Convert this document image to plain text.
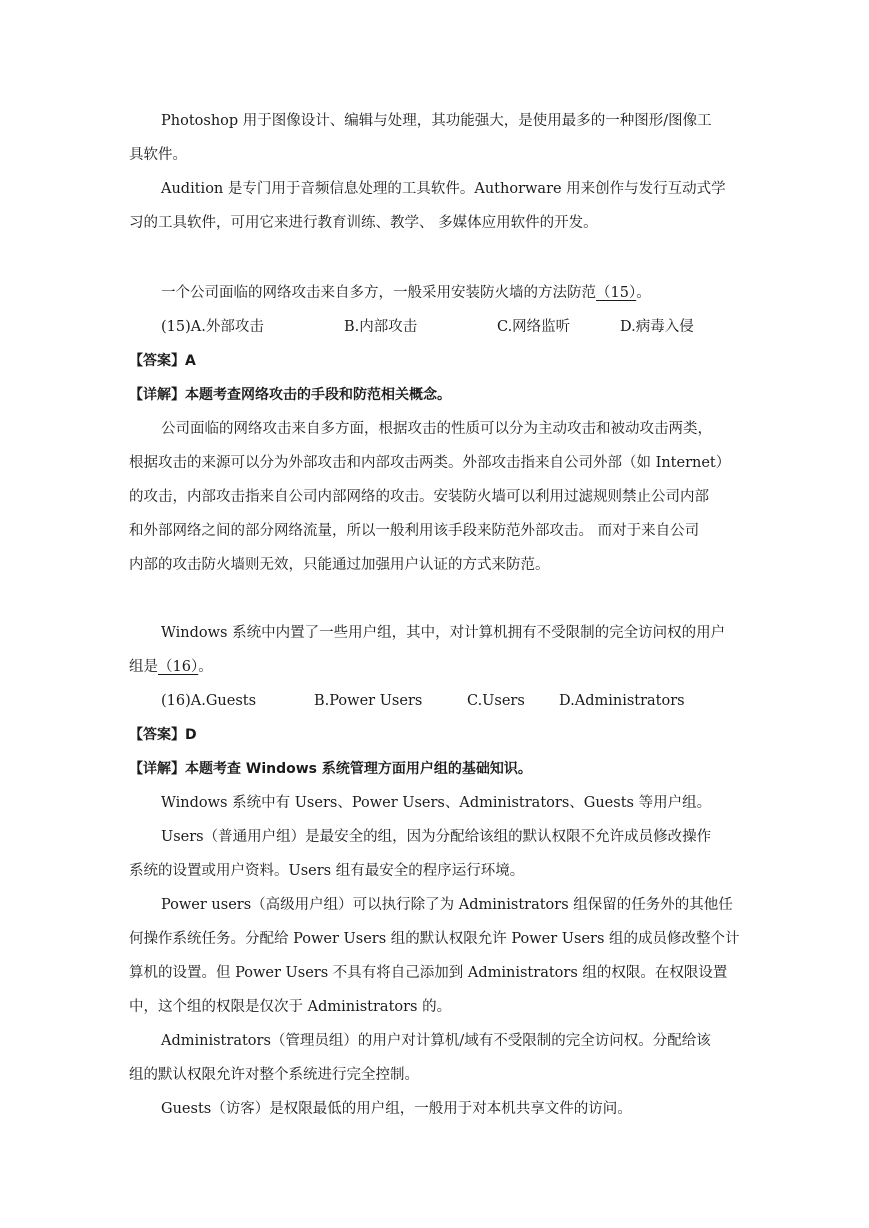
Photoshop 用于图像设计、编辑与处理，其功能强大，是使用最多的一种图形/图像工
具软件。
Audition 是专门用于音频信息处理的工具软件。Authorware 用来创作与发行互动式学
习的工具软件，可用它来进行教育训练、教学、 多媒体应用软件的开发。
一个公司面临的网络攻击来自多方，一般采用安装防火墙的方法防范（15）。
(15)A.外部攻击	B.内部攻击	C.网络监听	D.病毒入侵
【答案】A
【详解】本题考查网络攻击的手段和防范相关概念。
公司面临的网络攻击来自多方面，根据攻击的性质可以分为主动攻击和被动攻击两类，
根据攻击的来源可以分为外部攻击和内部攻击两类。外部攻击指来自公司外部（如 Internet）
的攻击，内部攻击指来自公司内部网络的攻击。安装防火墙可以利用过滤规则禁止公司内部
和外部网络之间的部分网络流量，所以一般利用该手段来防范外部攻击。 而对于来自公司
内部的攻击防火墙则无效，只能通过加强用户认证的方式来防范。
Windows 系统中内置了一些用户组，其中，对计算机拥有不受限制的完全访问权的用户
组是（16）。
(16)A.Guests	B.Power Users	C.Users D.Administrators
【答案】D
【详解】本题考查 Windows 系统管理方面用户组的基础知识。
Windows 系统中有 Users、Power Users、Administrators、Guests 等用户组。
Users（普通用户组）是最安全的组，因为分配给该组的默认权限不允许成员修改操作
系统的设置或用户资料。Users 组有最安全的程序运行环境。
Power users（高级用户组）可以执行除了为 Administrators 组保留的任务外的其他任
何操作系统任务。分配给 Power Users 组的默认权限允许 Power Users 组的成员修改整个计
算机的设置。但 Power Users 不具有将自己添加到 Administrators 组的权限。在权限设置
中，这个组的权限是仅次于 Administrators 的。
Administrators（管理员组）的用户对计算机/域有不受限制的完全访问权。分配给该
组的默认权限允许对整个系统进行完全控制。
Guests（访客）是权限最低的用户组，一般用于对本机共享文件的访问。
